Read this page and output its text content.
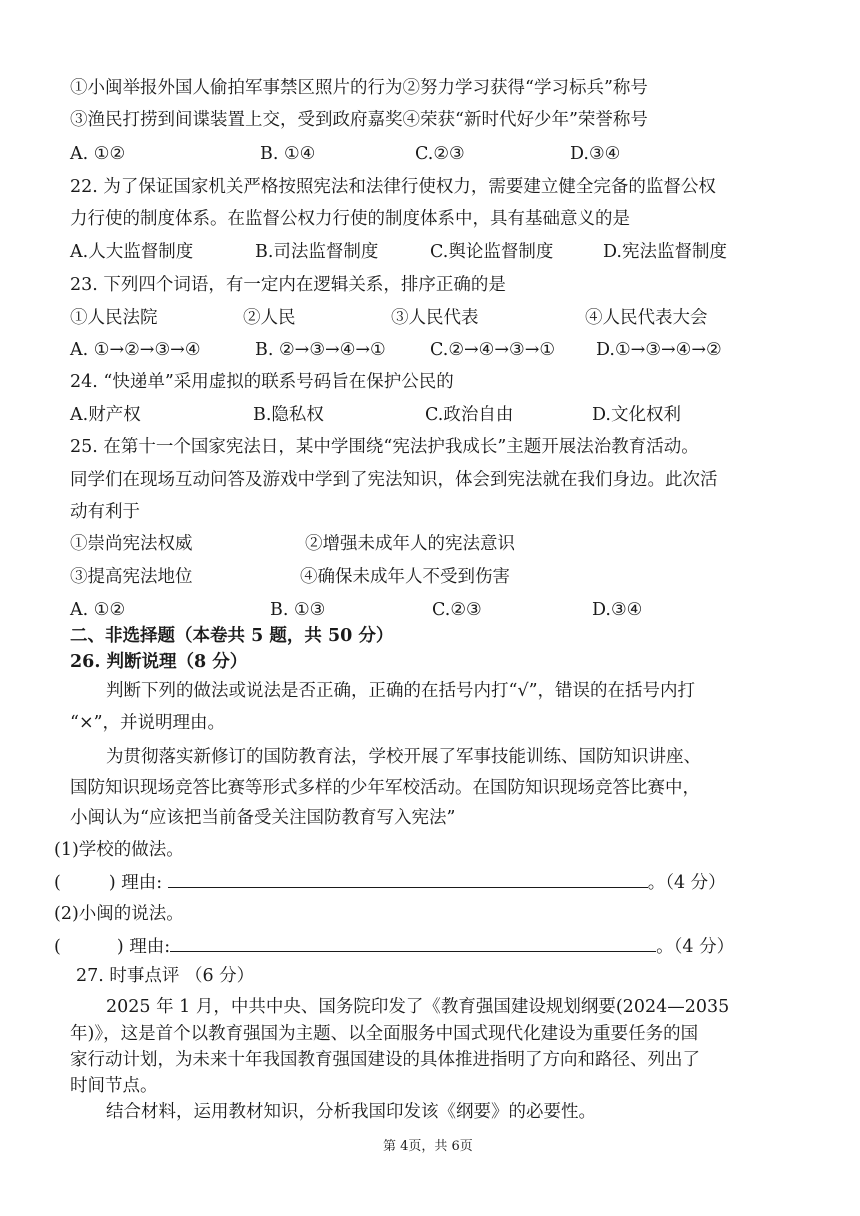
①小闽举报外国人偷拍军事禁区照片的行为②努力学习获得“学习标兵”称号
③渔民打捞到间谍装置上交，受到政府嘉奖④荣获“新时代好少年”荣誉称号
A. ①②	B. ①④	C.②③	D.③④
22. 为了保证国家机关严格按照宪法和法律行使权力，需要建立健全完备的监督公权
力行使的制度体系。在监督公权力行使的制度体系中，具有基础意义的是
A.人大监督制度	B.司法监督制度	C.舆论监督制度	D.宪法监督制度
23. 下列四个词语，有一定内在逻辑关系，排序正确的是
①人民法院	②人民	③人民代表	④人民代表大会
A. ①→②→③→④	B. ②→③→④→①	C.②→④→③→① D.①→③→④→②
24. “快递单”采用虚拟的联系号码旨在保护公民的
A.财产权	B.隐私权	C.政治自由	D.文化权利
25. 在第十一个国家宪法日，某中学围绕“宪法护我成长”主题开展法治教育活动。
同学们在现场互动问答及游戏中学到了宪法知识，体会到宪法就在我们身边。此次活
动有利于
①崇尚宪法权威	②增强未成年人的宪法意识
③提高宪法地位	④确保未成年人不受到伤害
A. ①②	B. ①③	C.②③	D.③④
二、非选择题（本卷共 5 题，共 50 分）
26. 判断说理（8 分）
判断下列的做法或说法是否正确，正确的在括号内打“√”，错误的在括号内打
“×”，并说明理由。
为贯彻落实新修订的国防教育法，学校开展了军事技能训练、国防知识讲座、
国防知识现场竞答比赛等形式多样的少年军校活动。在国防知识现场竞答比赛中，
小闽认为“应该把当前备受关注国防教育写入宪法”
(1)学校的做法。
(	) 理由:	。（4 分）
(2)小闽的说法。
(	) 理由:	。（4 分）
27. 时事点评 （6 分）
2025 年 1 月，中共中央、国务院印发了《教育强国建设规划纲要(2024—2035
年)》，这是首个以教育强国为主题、以全面服务中国式现代化建设为重要任务的国
家行动计划，为未来十年我国教育强国建设的具体推进指明了方向和路径、列出了
时间节点。
结合材料，运用教材知识，分析我国印发该《纲要》的必要性。
第 4页，共 6页
